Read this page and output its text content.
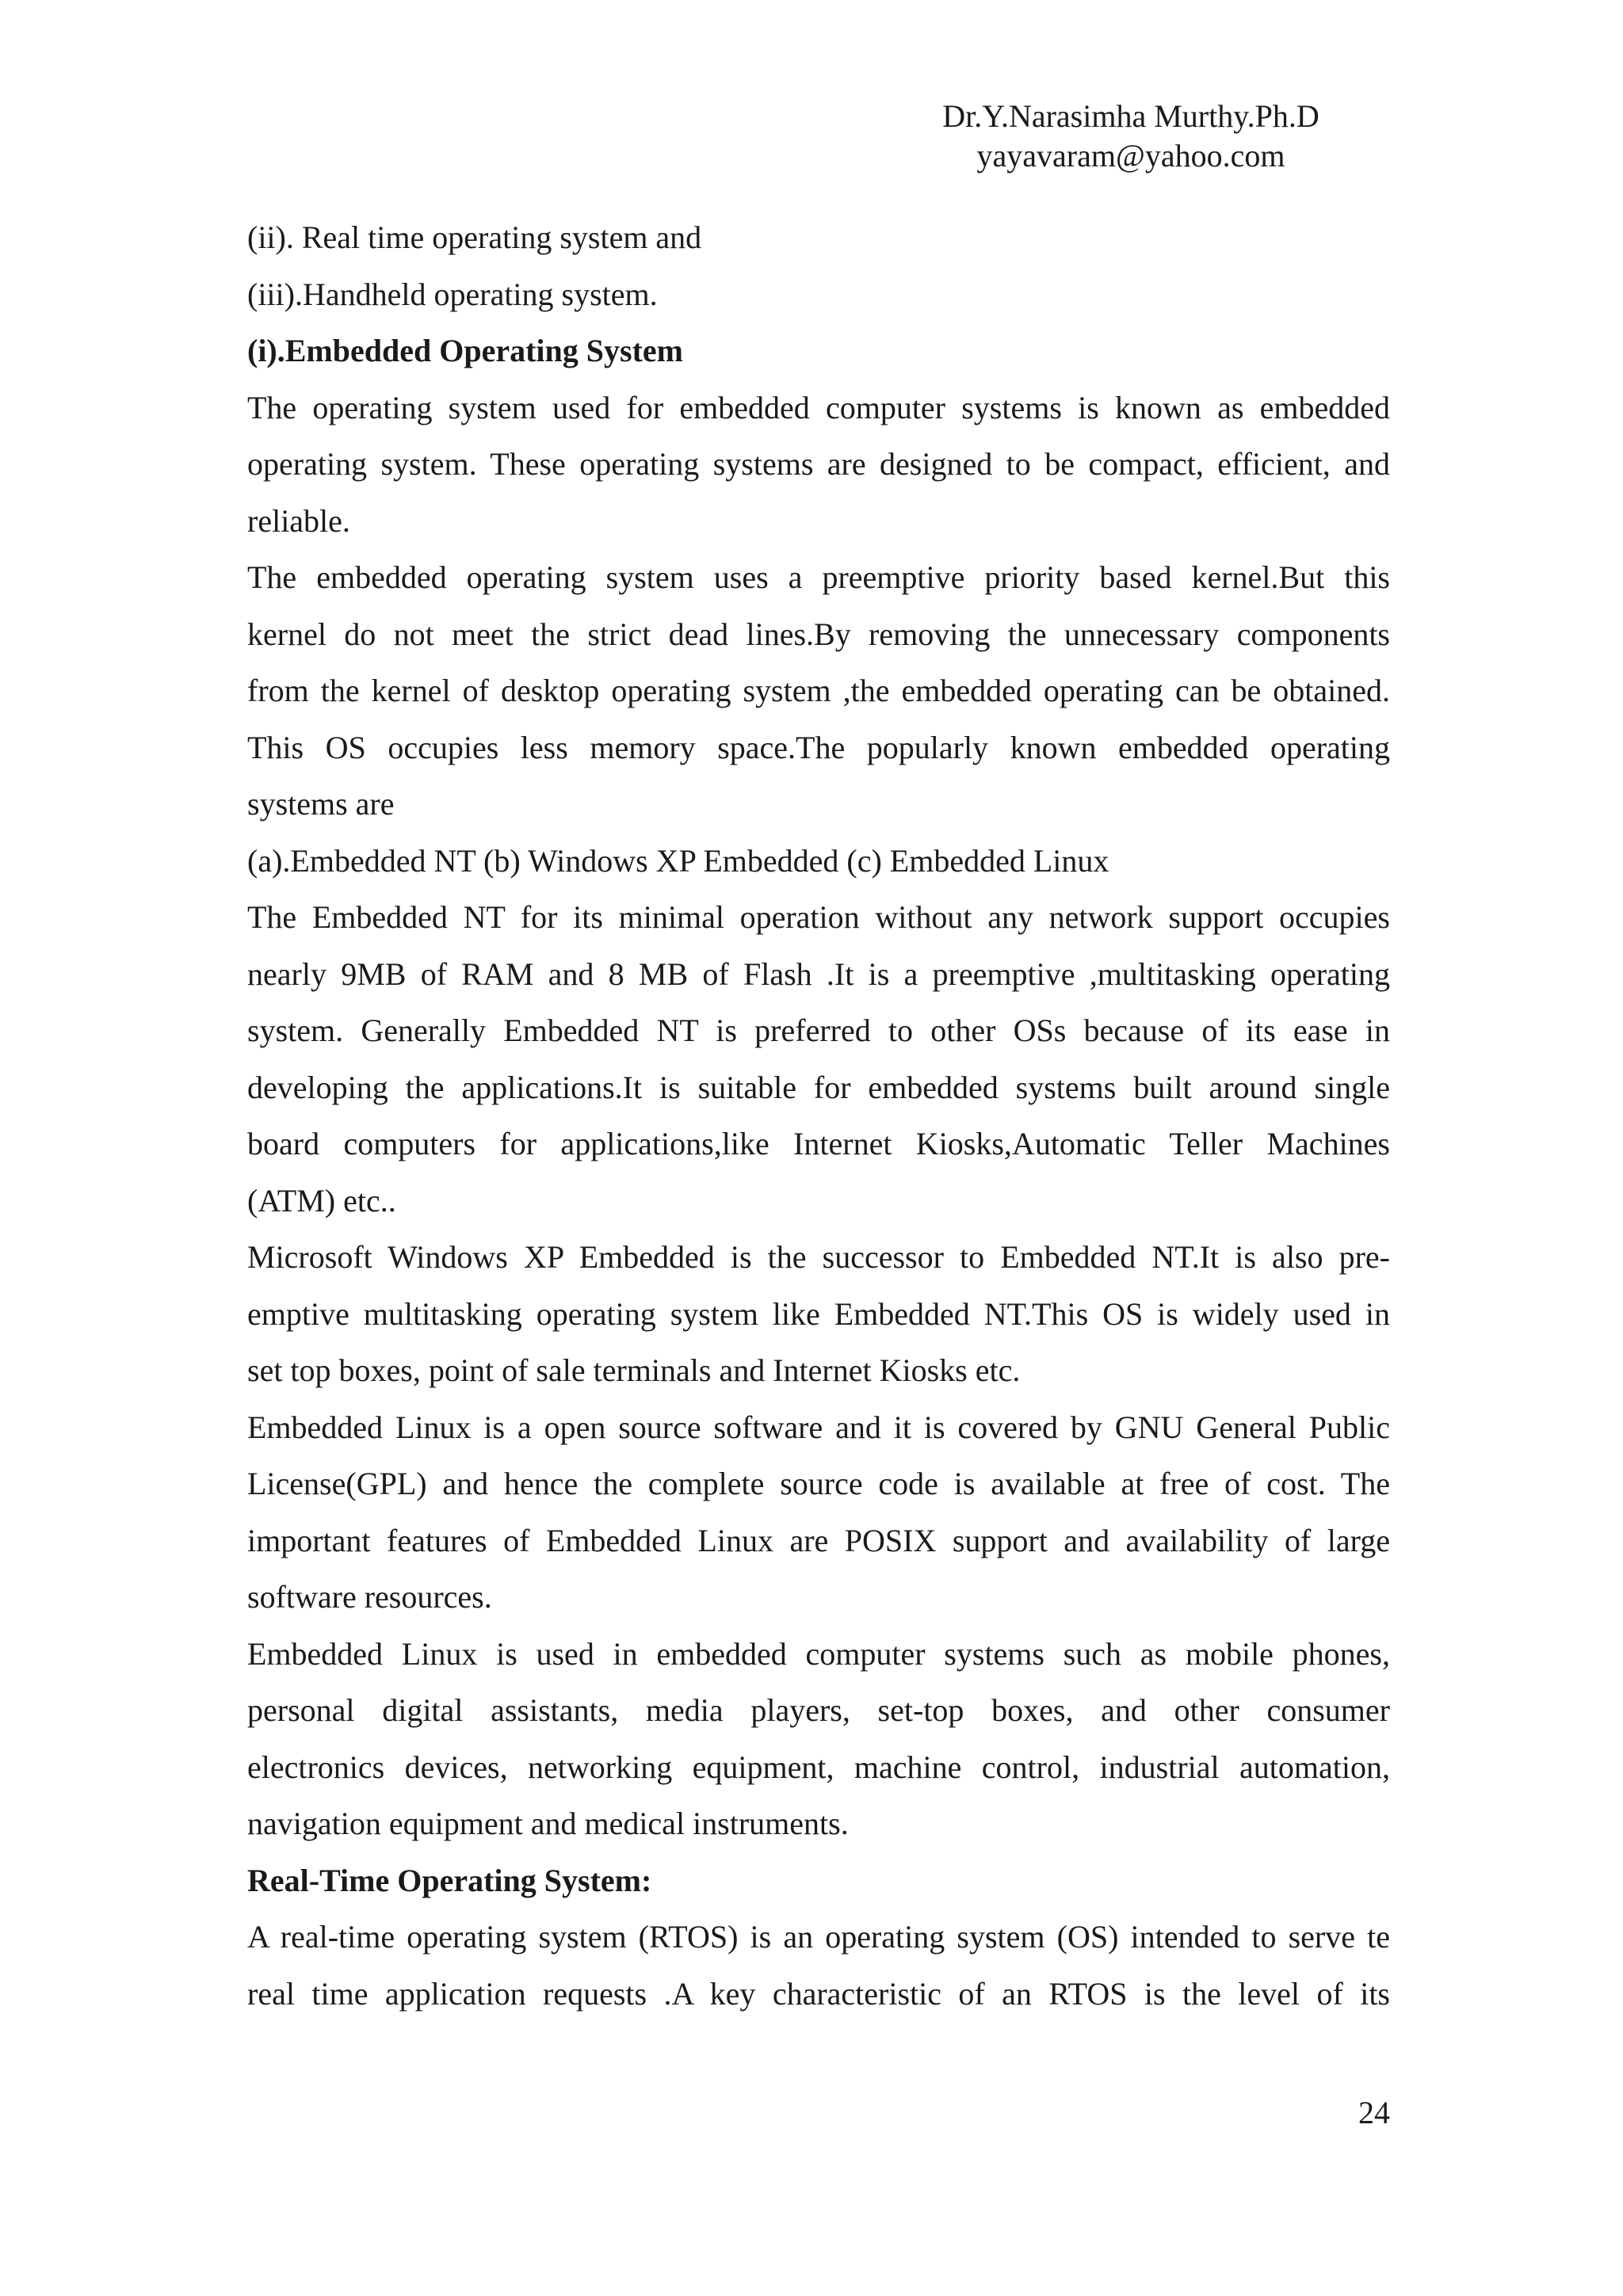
Dr.Y.Narasimha Murthy.Ph.D
yayavaram@yahoo.com
(ii). Real time operating system and
(iii).Handheld operating system.
(i).Embedded Operating System
The operating system used for embedded computer systems is known as embedded
operating system. These operating systems are designed to be compact, efficient, and
reliable.
The embedded operating system uses a preemptive priority based kernel.But this
kernel do not meet the strict dead lines.By removing the unnecessary components
from the kernel of desktop operating system ,the embedded operating can be obtained.
This OS occupies less memory space.The popularly known embedded operating
systems are
(a).Embedded NT (b) Windows XP Embedded (c) Embedded Linux
The Embedded NT for its minimal operation without any network support occupies
nearly 9MB of RAM and 8 MB of Flash .It is a preemptive ,multitasking operating
system. Generally Embedded NT is preferred to other OSs because of its ease in
developing the applications.It is suitable for embedded systems built around single
board computers for applications,like Internet Kiosks,Automatic Teller Machines
(ATM) etc..
Microsoft Windows XP Embedded is the successor to Embedded NT.It is also pre-
emptive multitasking operating system like Embedded NT.This OS is widely used in
set top boxes, point of sale terminals and Internet Kiosks etc.
Embedded Linux is a open source software and it is covered by GNU General Public
License(GPL) and hence the complete source code is available at free of cost. The
important features of Embedded Linux are POSIX support and availability of large
software resources.
Embedded Linux is used in embedded computer systems such as mobile phones,
personal digital assistants, media players, set-top boxes, and other consumer
electronics devices, networking equipment, machine control, industrial automation,
navigation equipment and medical instruments.
Real-Time Operating System:
A real-time operating system (RTOS) is an operating system (OS) intended to serve te
real time application requests .A key characteristic of an RTOS is the level of its
24
